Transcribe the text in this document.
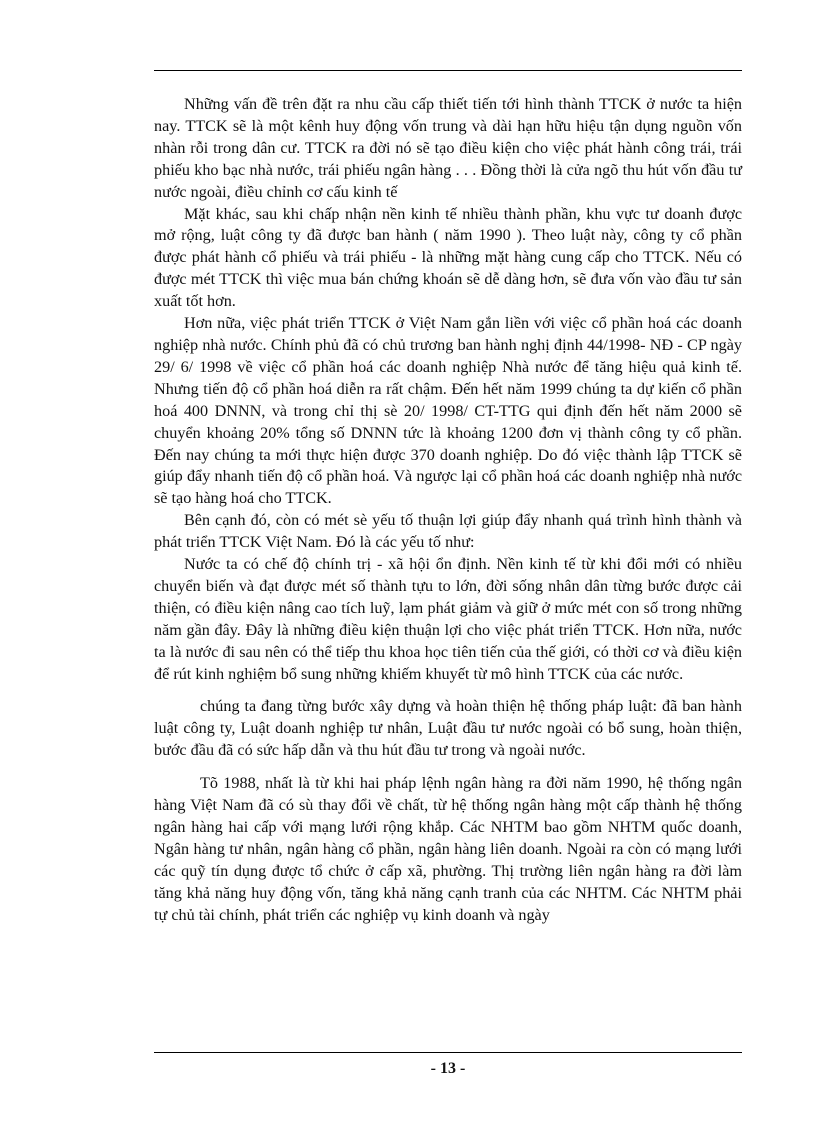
Những vấn đề trên đặt ra nhu cầu cấp thiết tiến tới hình thành TTCK ở nước ta hiện nay. TTCK sẽ là một kênh huy động vốn trung và dài hạn hữu hiệu tận dụng nguồn vốn nhàn rỗi trong dân cư. TTCK ra đời nó sẽ tạo điều kiện cho việc phát hành công trái, trái phiếu kho bạc nhà nước, trái phiếu ngân hàng . . . Đồng thời là cửa ngõ thu hút vốn đầu tư nước ngoài, điều chỉnh cơ cấu kinh tế

Mặt khác, sau khi chấp nhận nền kinh tế nhiều thành phần, khu vực tư doanh được mở rộng, luật công ty đã được ban hành ( năm 1990 ). Theo luật này, công ty cổ phần được phát hành cổ phiếu và trái phiếu - là những mặt hàng cung cấp cho TTCK. Nếu có được mét TTCK thì việc mua bán chứng khoán sẽ dễ dàng hơn, sẽ đưa vốn vào đầu tư sản xuất tốt hơn.

Hơn nữa, việc phát triển TTCK ở Việt Nam gắn liền với việc cổ phần hoá các doanh nghiệp nhà nước. Chính phủ đã có chủ trương ban hành nghị định 44/1998- NĐ - CP ngày 29/ 6/ 1998 về việc cổ phần hoá các doanh nghiệp Nhà nước để tăng hiệu quả kinh tế. Nhưng tiến độ cổ phần hoá diễn ra rất chậm. Đến hết năm 1999 chúng ta dự kiến cổ phần hoá 400 DNNN, và trong chỉ thị sè 20/ 1998/ CT-TTG qui định đến hết năm 2000 sẽ chuyển khoảng 20% tổng số DNNN tức là khoảng 1200 đơn vị thành công ty cổ phần. Đến nay chúng ta mới thực hiện được 370 doanh nghiệp. Do đó việc thành lập TTCK sẽ giúp đẩy nhanh tiến độ cổ phần hoá. Và ngược lại cổ phần hoá các doanh nghiệp nhà nước sẽ tạo hàng hoá cho TTCK.

Bên cạnh đó, còn có mét sè yếu tố thuận lợi giúp đẩy nhanh quá trình hình thành và phát triển TTCK Việt Nam. Đó là các yếu tố như:

Nước ta có chế độ chính trị - xã hội ổn định. Nền kinh tế từ khi đổi mới có nhiều chuyển biến và đạt được mét số thành tựu to lớn, đời sống nhân dân từng bước được cải thiện, có điều kiện nâng cao tích luỹ, lạm phát giảm và giữ ở mức mét con số trong những năm gần đây. Đây là những điều kiện thuận lợi cho việc phát triển TTCK. Hơn nữa, nước ta là nước đi sau nên có thể tiếp thu khoa học tiên tiến của thế giới, có thời cơ và điều kiện để rút kinh nghiệm bổ sung những khiếm khuyết từ mô hình TTCK của các nước.

chúng ta đang từng bước xây dựng và hoàn thiện hệ thống pháp luật: đã ban hành luật công ty, Luật doanh nghiệp tư nhân, Luật đầu tư nước ngoài có bổ sung, hoàn thiện, bước đầu đã có sức hấp dẫn và thu hút đầu tư trong và ngoài nước.

Tõ 1988, nhất là từ khi hai pháp lệnh ngân hàng ra đời năm 1990, hệ thống ngân hàng Việt Nam đã có sù thay đổi về chất, từ hệ thống ngân hàng một cấp thành hệ thống ngân hàng hai cấp với mạng lưới rộng khắp. Các NHTM bao gồm NHTM quốc doanh, Ngân hàng tư nhân, ngân hàng cổ phần, ngân hàng liên doanh. Ngoài ra còn có mạng lưới các quỹ tín dụng được tổ chức ở cấp xã, phường. Thị trường liên ngân hàng ra đời làm tăng khả năng huy động vốn, tăng khả năng cạnh tranh của các NHTM. Các NHTM phải tự chủ tài chính, phát triển các nghiệp vụ kinh doanh và ngày

- 13 -
